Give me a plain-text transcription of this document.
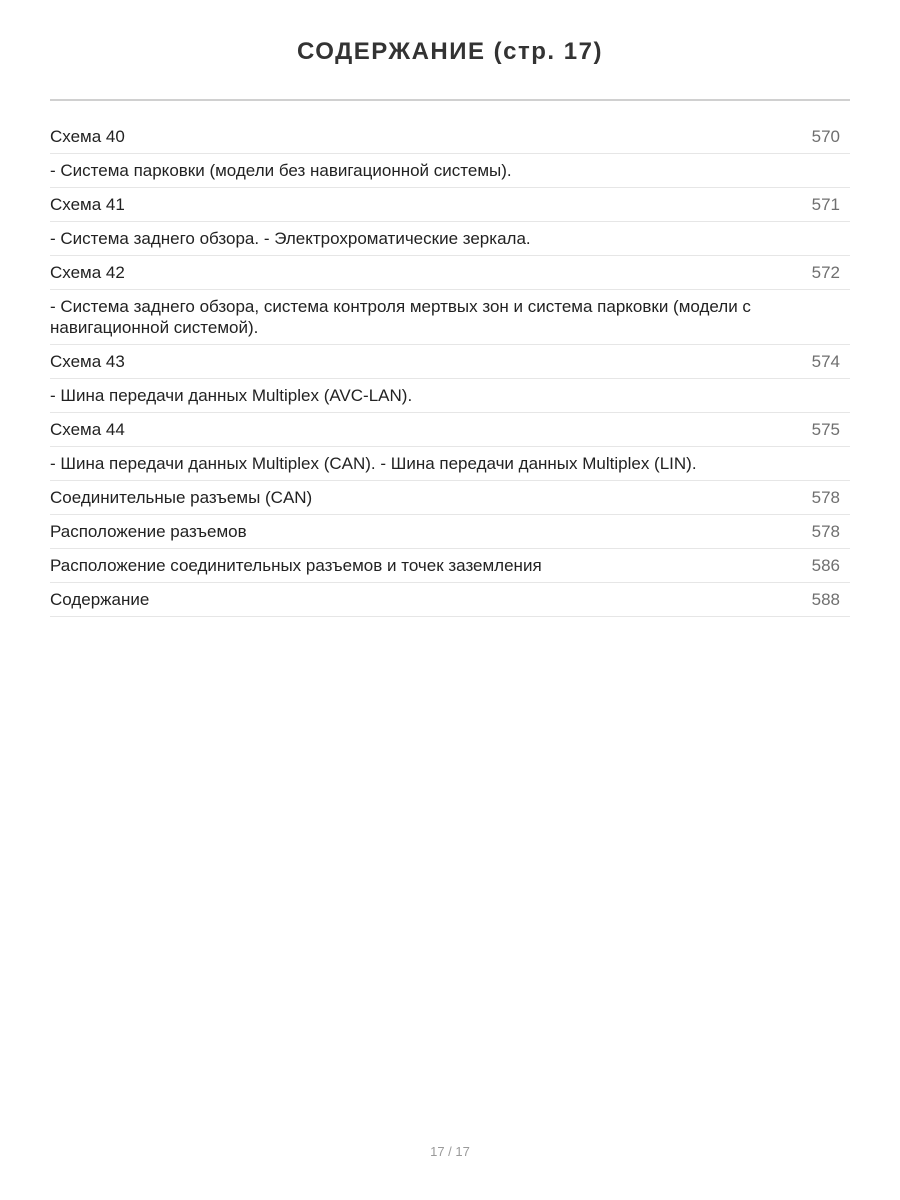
СОДЕРЖАНИЕ (стр. 17)
Схема 40	570
- Система парковки (модели без навигационной системы).
Схема 41	571
- Система заднего обзора. - Электрохроматические зеркала.
Схема 42	572
- Система заднего обзора, система контроля мертвых зон и система парковки (модели с навигационной системой).
Схема 43	574
- Шина передачи данных Multiplex (AVC-LAN).
Схема 44	575
- Шина передачи данных Multiplex (CAN). - Шина передачи данных Multiplex (LIN).
Соединительные разъемы (CAN)	578
Расположение разъемов	578
Расположение соединительных разъемов и точек заземления	586
Содержание	588
17 / 17
